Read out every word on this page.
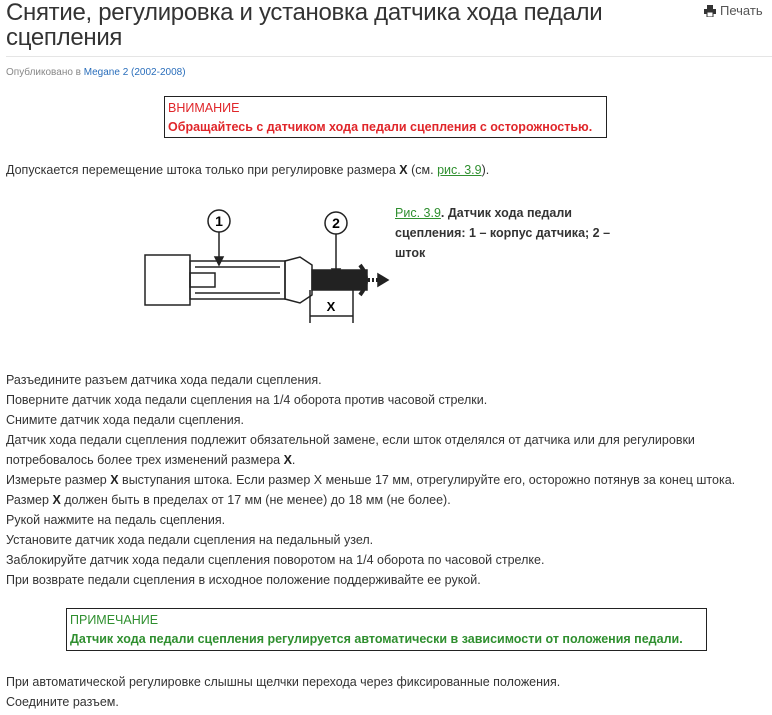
Снятие, регулировка и установка датчика хода педали сцепления
Печать
Опубликовано в Megane 2 (2002-2008)
ВНИМАНИЕ
Обращайтесь с датчиком хода педали сцепления с осторожностью.
Допускается перемещение штока только при регулировке размера X (см. рис. 3.9).
1	2
X
Рис. 3.9. Датчик хода педали сцепления: 1 – корпус датчика; 2 – шток
Разъедините разъем датчика хода педали сцепления.
Поверните датчик хода педали сцепления на 1/4 оборота против часовой стрелки.
Снимите датчик хода педали сцепления.
Датчик хода педали сцепления подлежит обязательной замене, если шток отделялся от датчика или для регулировки потребовалось более трех изменений размера X.
Измерьте размер X выступания штока. Если размер X меньше 17 мм, отрегулируйте его, осторожно потянув за конец штока.
Размер X должен быть в пределах от 17 мм (не менее) до 18 мм (не более).
Рукой нажмите на педаль сцепления.
Установите датчик хода педали сцепления на педальный узел.
Заблокируйте датчик хода педали сцепления поворотом на 1/4 оборота по часовой стрелке.
При возврате педали сцепления в исходное положение поддерживайте ее рукой.
ПРИМЕЧАНИЕ
Датчик хода педали сцепления регулируется автоматически в зависимости от положения педали.
При автоматической регулировке слышны щелчки перехода через фиксированные положения.
Соедините разъем.
